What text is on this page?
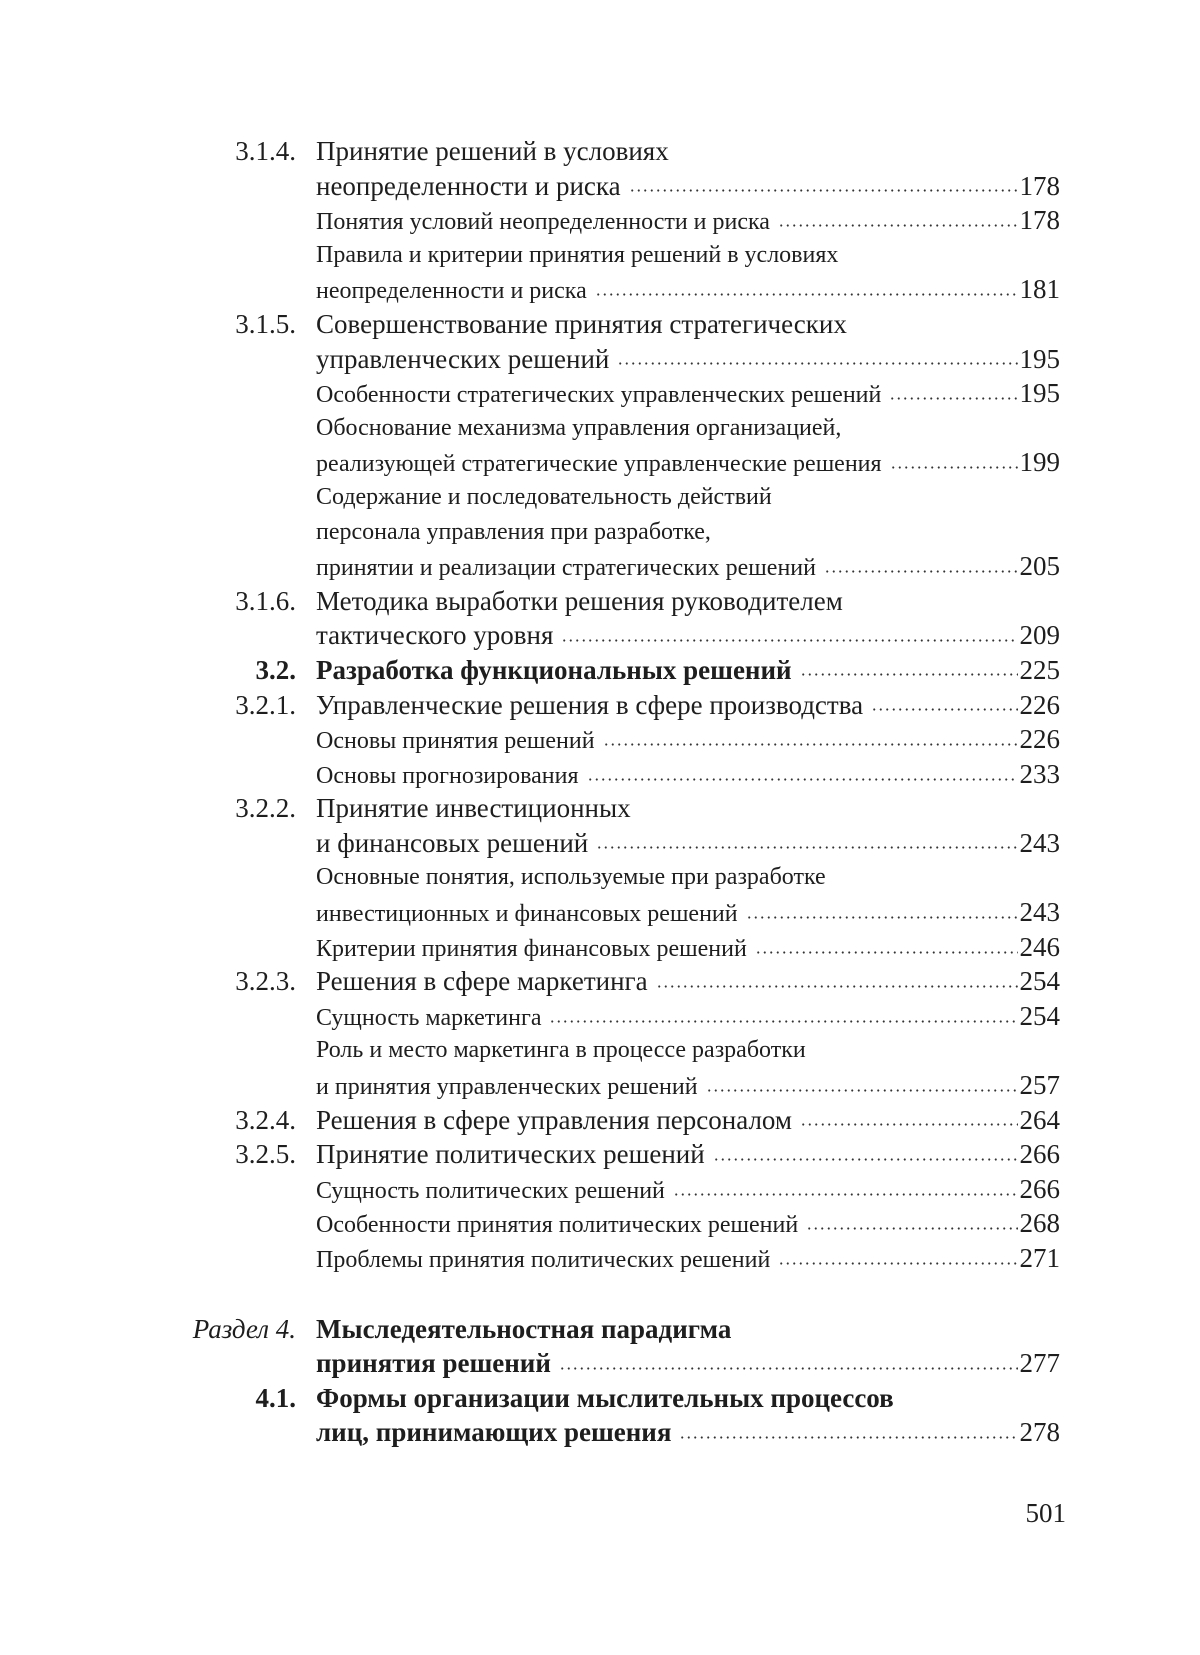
3.1.4. Принятие решений в условиях
неопределенности и риска	178
Понятия условий неопределенности и риска	178
Правила и критерии принятия решений в условиях
неопределенности и риска	181
3.1.5. Совершенствование принятия стратегических
управленческих решений	195
Особенности стратегических управленческих решений	195
Обоснование механизма управления организацией,
реализующей стратегические управленческие решения	199
Содержание и последовательность действий
персонала управления при разработке,
принятии и реализации стратегических решений	205
3.1.6. Методика выработки решения руководителем
тактического уровня	209
3.2. Разработка функциональных решений	225
3.2.1. Управленческие решения в сфере производства	226
Основы принятия решений	226
Основы прогнозирования	233
3.2.2. Принятие инвестиционных
и финансовых решений	243
Основные понятия, используемые при разработке
инвестиционных и финансовых решений	243
Критерии принятия финансовых решений	246
3.2.3. Решения в сфере маркетинга	254
Сущность маркетинга	254
Роль и место маркетинга в процессе разработки
и принятия управленческих решений	257
3.2.4. Решения в сфере управления персоналом	264
3.2.5. Принятие политических решений	266
Сущность политических решений	266
Особенности принятия политических решений	268
Проблемы принятия политических решений	271
Раздел 4. Мыследеятельностная парадигма
принятия решений	277
4.1. Формы организации мыслительных процессов
лиц, принимающих решения	278
501
